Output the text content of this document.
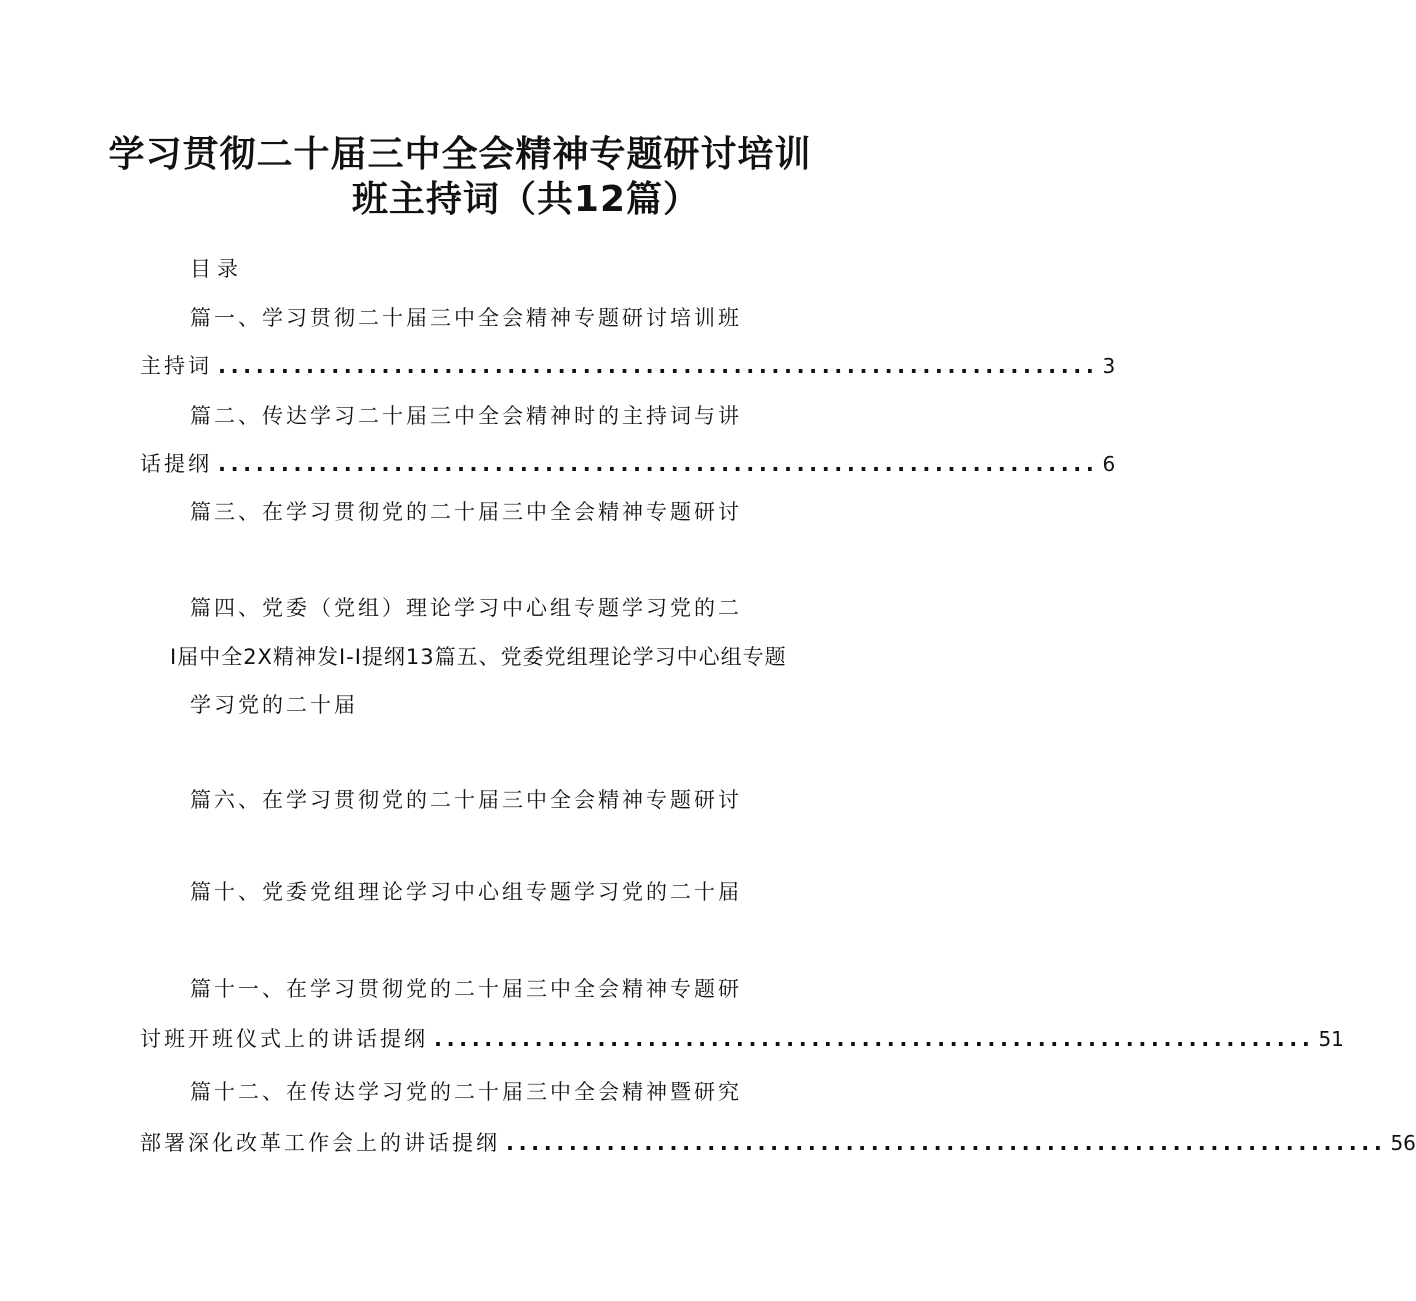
学习贯彻二十届三中全会精神专题研讨培训
班主持词（共12篇）
目录
篇一、学习贯彻二十届三中全会精神专题研讨培训班
主持词 ...................................................................... 3
篇二、传达学习二十届三中全会精神时的主持词与讲
话提纲 ...................................................................... 6
篇三、在学习贯彻党的二十届三中全会精神专题研讨
篇四、党委（党组）理论学习中心组专题学习党的二
I届中全2X精神发I-I提纲13篇五、党委党组理论学习中心组专题
学习党的二十届
篇六、在学习贯彻党的二十届三中全会精神专题研讨
篇十、党委党组理论学习中心组专题学习党的二十届
篇十一、在学习贯彻党的二十届三中全会精神专题研
讨班开班仪式上的讲话提纲 ...................................................................... 51
篇十二、在传达学习党的二十届三中全会精神暨研究
部署深化改革工作会上的讲话提纲 ...................................................................... 56
